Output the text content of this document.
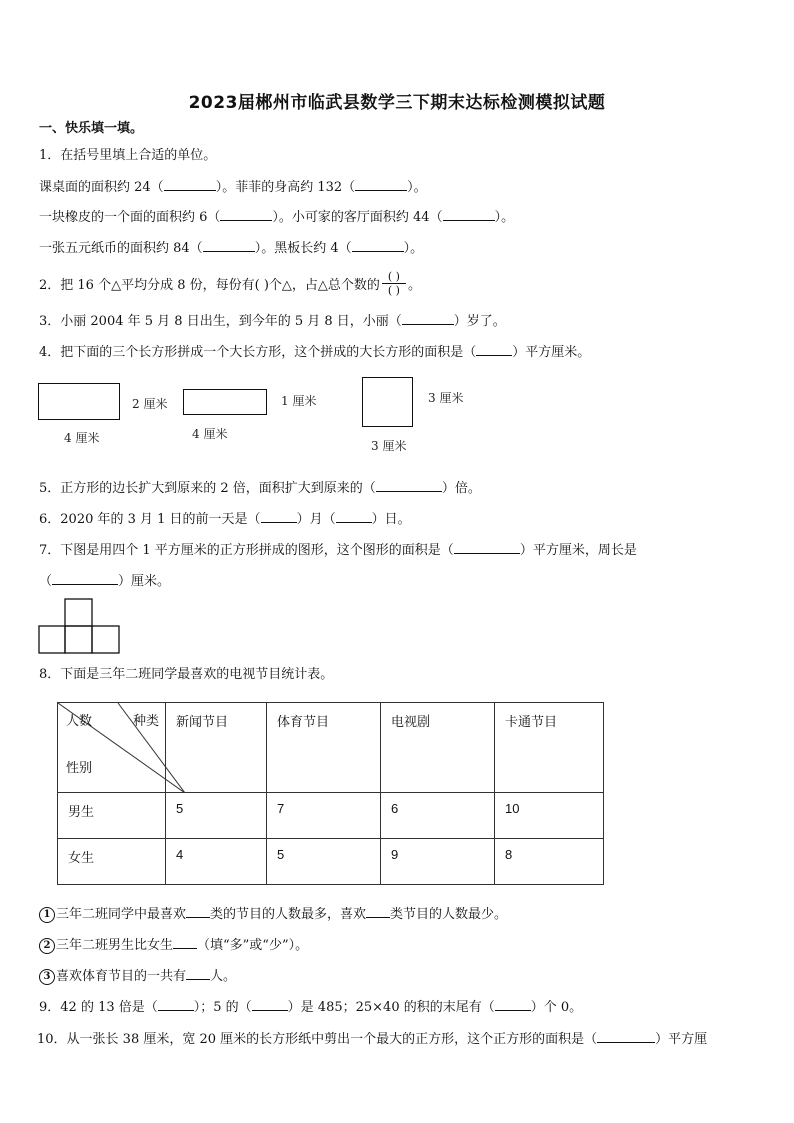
2023届郴州市临武县数学三下期末达标检测模拟试题
一、快乐填一填。
1．在括号里填上合适的单位。
课桌面的面积约 24（	）。菲菲的身高约 132（	）。
一块橡皮的一个面的面积约 6（	）。小可家的客厅面积约 44（	）。
一张五元纸币的面积约 84（	）。黑板长约 4（	）。
2．把 16 个△平均分成 8 份，每份有( )个△，占△总个数的 $\frac{( )}{( )}$ 。
3．小丽 2004 年 5 月 8 日出生，到今年的 5 月 8 日，小丽（	）岁了。
4．把下面的三个长方形拼成一个大长方形，这个拼成的大长方形的面积是（	）平方厘米。
2 厘米
4 厘米
1 厘米
4 厘米
3 厘米
3 厘米
5．正方形的边长扩大到原来的 2 倍，面积扩大到原来的（	）倍。
6．2020 年的 3 月 1 日的前一天是（	）月（	）日。
7．下图是用四个 1 平方厘米的正方形拼成的图形，这个图形的面积是（	）平方厘米，周长是
（	）厘米。
8．下面是三年二班同学最喜欢的电视节目统计表。
人数 种类
性别	新闻节目	体育节目	电视剧	卡通节目
男生	5	7	6	10
女生	4	5	9	8
1 三年二班同学中最喜欢 类的节目的人数最多，喜欢 类节目的人数最少。
2 三年二班男生比女生 （填“多”或“少”）。
3 喜欢体育节目的一共有 人。
9．42 的 13 倍是（	）；5 的（	）是 485；25×40 的积的末尾有（	）个 0。
10．从一张长 38 厘米，宽 20 厘米的长方形纸中剪出一个最大的正方形，这个正方形的面积是（	）平方厘
